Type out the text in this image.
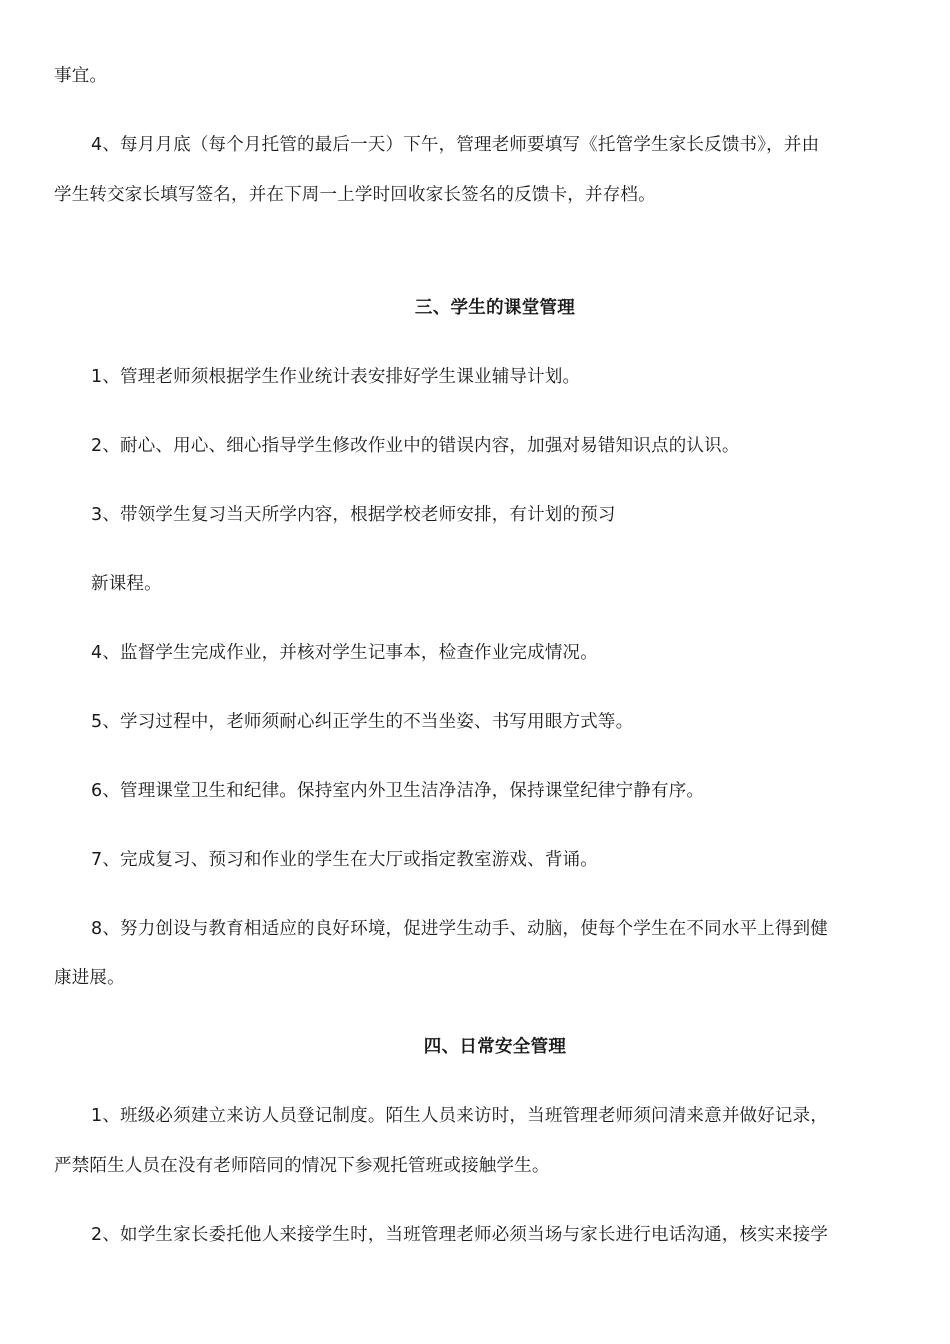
事宜。
4、每月月底（每个月托管的最后一天）下午，管理老师要填写《托管学生家长反馈书》，并由
学生转交家长填写签名，并在下周一上学时回收家长签名的反馈卡，并存档。
三、学生的课堂管理
1、管理老师须根据学生作业统计表安排好学生课业辅导计划。
2、耐心、用心、细心指导学生修改作业中的错误内容，加强对易错知识点的认识。
3、带领学生复习当天所学内容，根据学校老师安排，有计划的预习
新课程。
4、监督学生完成作业，并核对学生记事本，检查作业完成情况。
5、学习过程中，老师须耐心纠正学生的不当坐姿、书写用眼方式等。
6、管理课堂卫生和纪律。保持室内外卫生洁净洁净，保持课堂纪律宁静有序。
7、完成复习、预习和作业的学生在大厅或指定教室游戏、背诵。
8、努力创设与教育相适应的良好环境，促进学生动手、动脑，使每个学生在不同水平上得到健
康进展。
四、日常安全管理
1、班级必须建立来访人员登记制度。陌生人员来访时，当班管理老师须问清来意并做好记录，
严禁陌生人员在没有老师陪同的情况下参观托管班或接触学生。
2、如学生家长委托他人来接学生时，当班管理老师必须当场与家长进行电话沟通，核实来接学
